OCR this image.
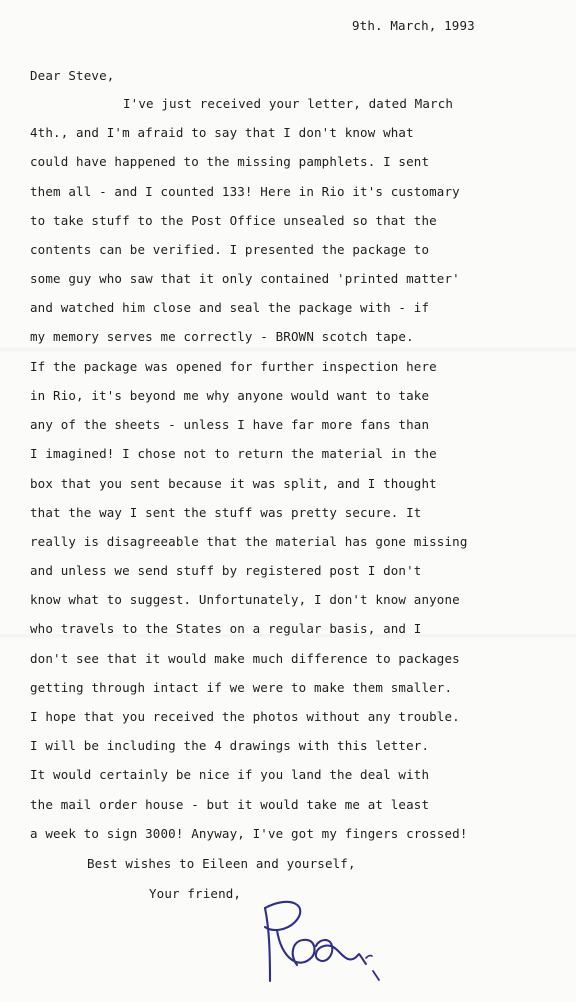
9th. March, 1993
Dear Steve,
I've just received your letter, dated March
4th., and I'm afraid to say that I don't know what
could have happened to the missing pamphlets. I sent
them all - and I counted 133! Here in Rio it's customary
to take stuff to the Post Office unsealed so that the
contents can be verified. I presented the package to
some guy who saw that it only contained 'printed matter'
and watched him close and seal the package with - if
my memory serves me correctly - BROWN scotch tape.
If the package was opened for further inspection here
in Rio, it's beyond me why anyone would want to take
any of the sheets - unless I have far more fans than
I imagined! I chose not to return the material in the
box that you sent because it was split, and I thought
that the way I sent the stuff was pretty secure. It
really is disagreeable that the material has gone missing
and unless we send stuff by registered post I don't
know what to suggest. Unfortunately, I don't know anyone
who travels to the States on a regular basis, and I
don't see that it would make much difference to packages
getting through intact if we were to make them smaller.
I hope that you received the photos without any trouble.
I will be including the 4 drawings with this letter.
It would certainly be nice if you land the deal with
the mail order house - but it would take me at least
a week to sign 3000! Anyway, I've got my fingers crossed!
Best wishes to Eileen and yourself,
Your friend,
